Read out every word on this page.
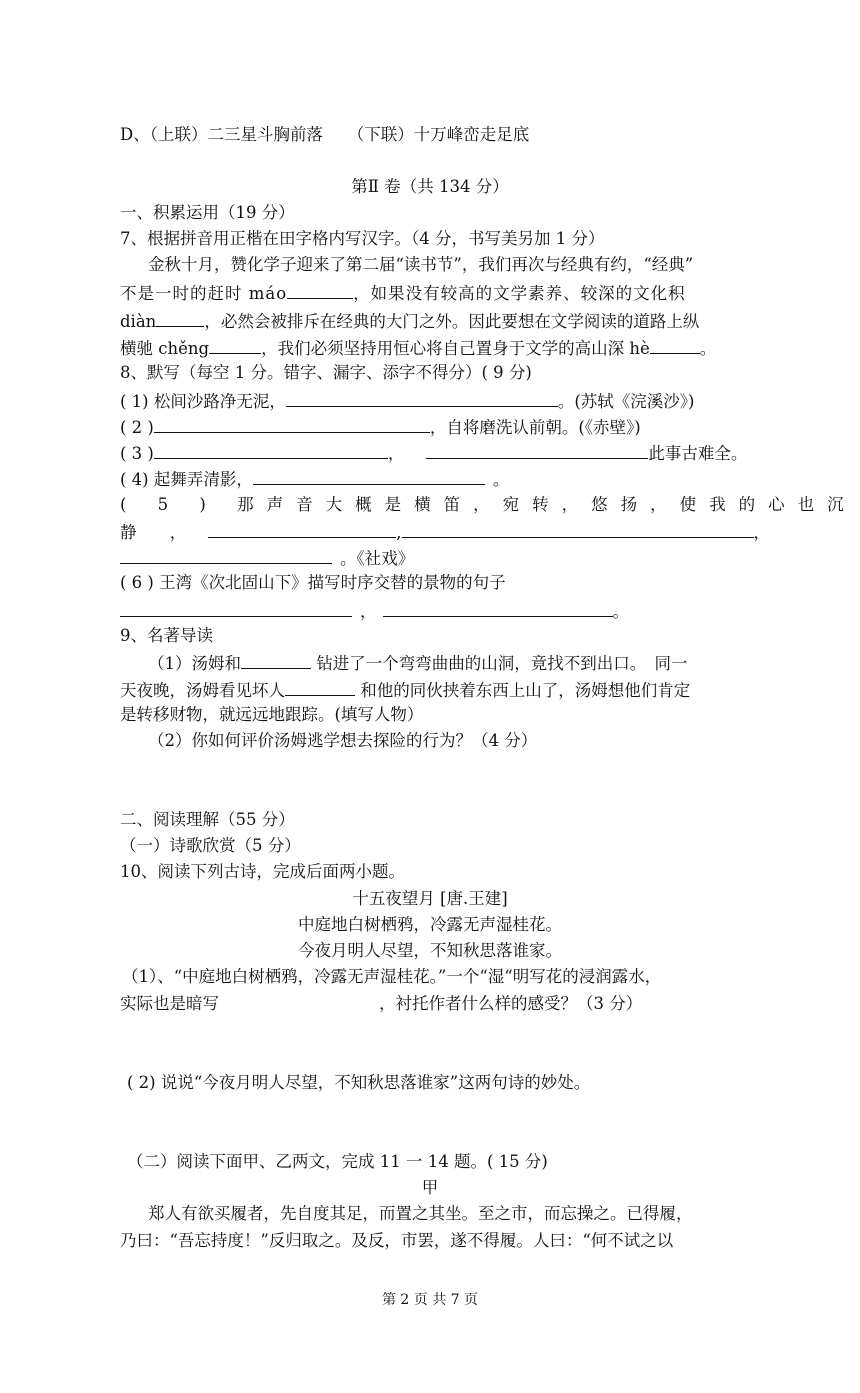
D、（上联）二三星斗胸前落　　（下联）十万峰峦走足底
第Ⅱ 卷（共 134 分）
一、积累运用（19 分）
7、根据拼音用正楷在田字格内写汉字。（4 分，书写美另加 1 分）
金秋十月，赞化学子迎来了第二届“读书节”，我们再次与经典有约，“经典”
不是一时的赶时 máo	，如果没有较高的文学素养、较深的文化积
diàn	，必然会被排斥在经典的大门之外。因此要想在文学阅读的道路上纵
横驰 chěng	，我们必须坚持用恒心将自己置身于文学的高山深 hè	。
8、默写（每空 1 分。错字、漏字、添字不得分）( 9 分)
( 1) 松间沙路净无泥，	。(苏轼《浣溪沙》)
( 2 )	，自将磨洗认前朝。(《赤壁》)
( 3 )	，	此事古难全。
( 4) 起舞弄清影，	。
( 5 ) 那声音大概是横笛，宛转，悠扬，使我的心也沉
静 ，	,	，
。《社戏》
( 6 ) 王湾《次北固山下》描写时序交替的景物的句子
，	。
9、名著导读
（1）汤姆和	钻进了一个弯弯曲曲的山洞，竟找不到出口。　同一
天夜晚，汤姆看见坏人	和他的同伙挟着东西上山了，汤姆想他们肯定
是转移财物，就远远地跟踪。(填写人物）
（2）你如何评价汤姆逃学想去探险的行为？（4 分）
二、阅读理解（55 分）
（一）诗歌欣赏（5 分）
10、阅读下列古诗，完成后面两小题。
十五夜望月 [唐.王建]
中庭地白树栖鸦，冷露无声湿桂花。
今夜月明人尽望，不知秋思落谁家。
（1）、“中庭地白树栖鸦，冷露无声湿桂花。”一个“湿“明写花的浸润露水，
实际也是暗写	，衬托作者什么样的感受？（3 分）
( 2) 说说“今夜月明人尽望，不知秋思落谁家”这两句诗的妙处。
（二）阅读下面甲、乙两文，完成 11 一 14 题。( 15 分)
甲
郑人有欲买履者，先自度其足，而置之其坐。至之市，而忘操之。已得履，
乃曰：“吾忘持度！”反归取之。及反，市罢，遂不得履。人曰：“何不试之以
第 2 页 共 7 页
